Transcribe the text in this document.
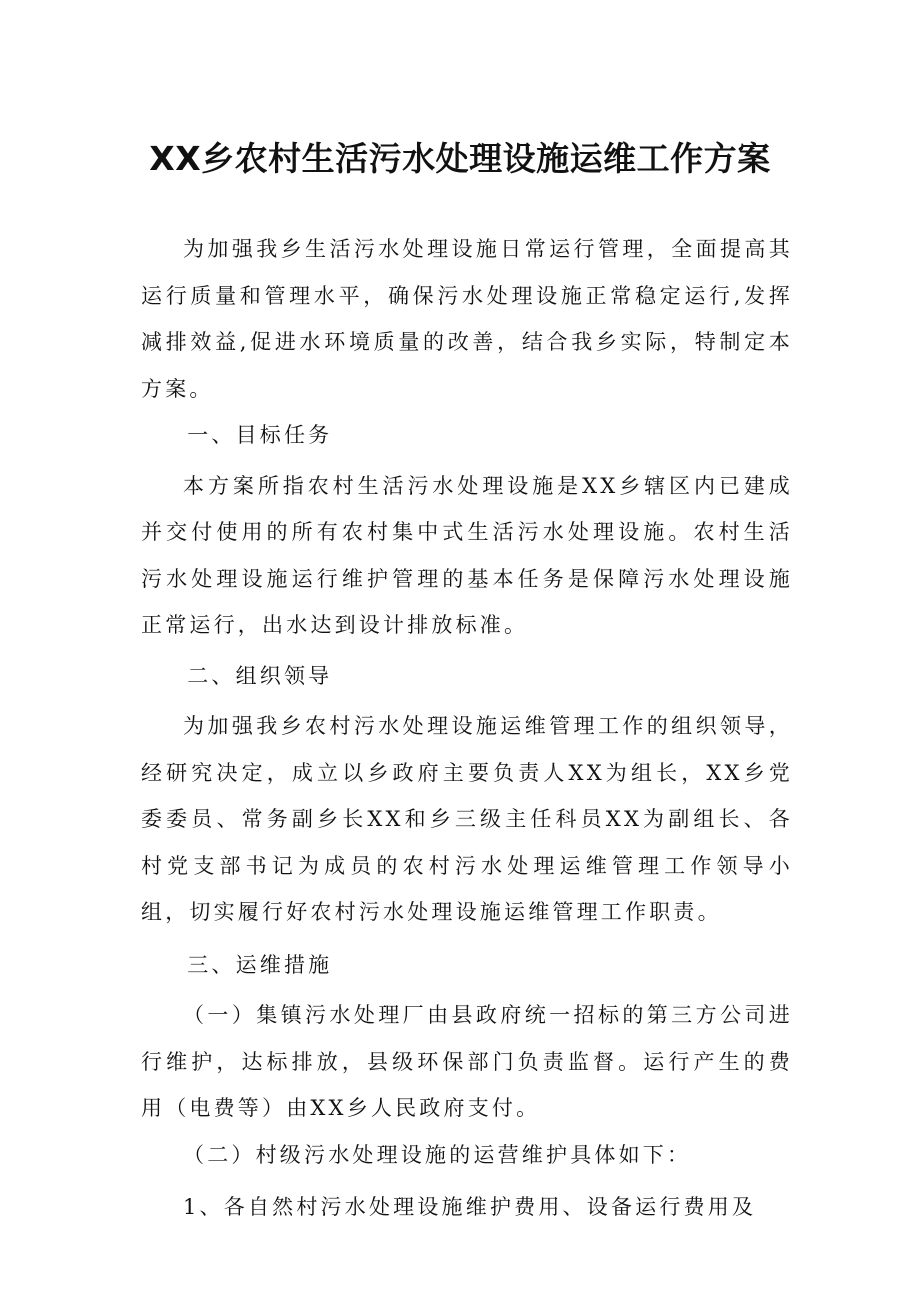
XX乡农村生活污水处理设施运维工作方案

为加强我乡生活污水处理设施日常运行管理，全面提高其运行质量和管理水平，确保污水处理设施正常稳定运行,发挥减排效益,促进水环境质量的改善，结合我乡实际，特制定本方案。

一、目标任务

本方案所指农村生活污水处理设施是XX乡辖区内已建成并交付使用的所有农村集中式生活污水处理设施。农村生活污水处理设施运行维护管理的基本任务是保障污水处理设施正常运行，出水达到设计排放标准。

二、组织领导

为加强我乡农村污水处理设施运维管理工作的组织领导，经研究决定，成立以乡政府主要负责人XX为组长，XX乡党委委员、常务副乡长XX和乡三级主任科员XX为副组长、各村党支部书记为成员的农村污水处理运维管理工作领导小组，切实履行好农村污水处理设施运维管理工作职责。

三、运维措施

（一）集镇污水处理厂由县政府统一招标的第三方公司进行维护，达标排放，县级环保部门负责监督。运行产生的费用（电费等）由XX乡人民政府支付。

（二）村级污水处理设施的运营维护具体如下：

1、各自然村污水处理设施维护费用、设备运行费用及
